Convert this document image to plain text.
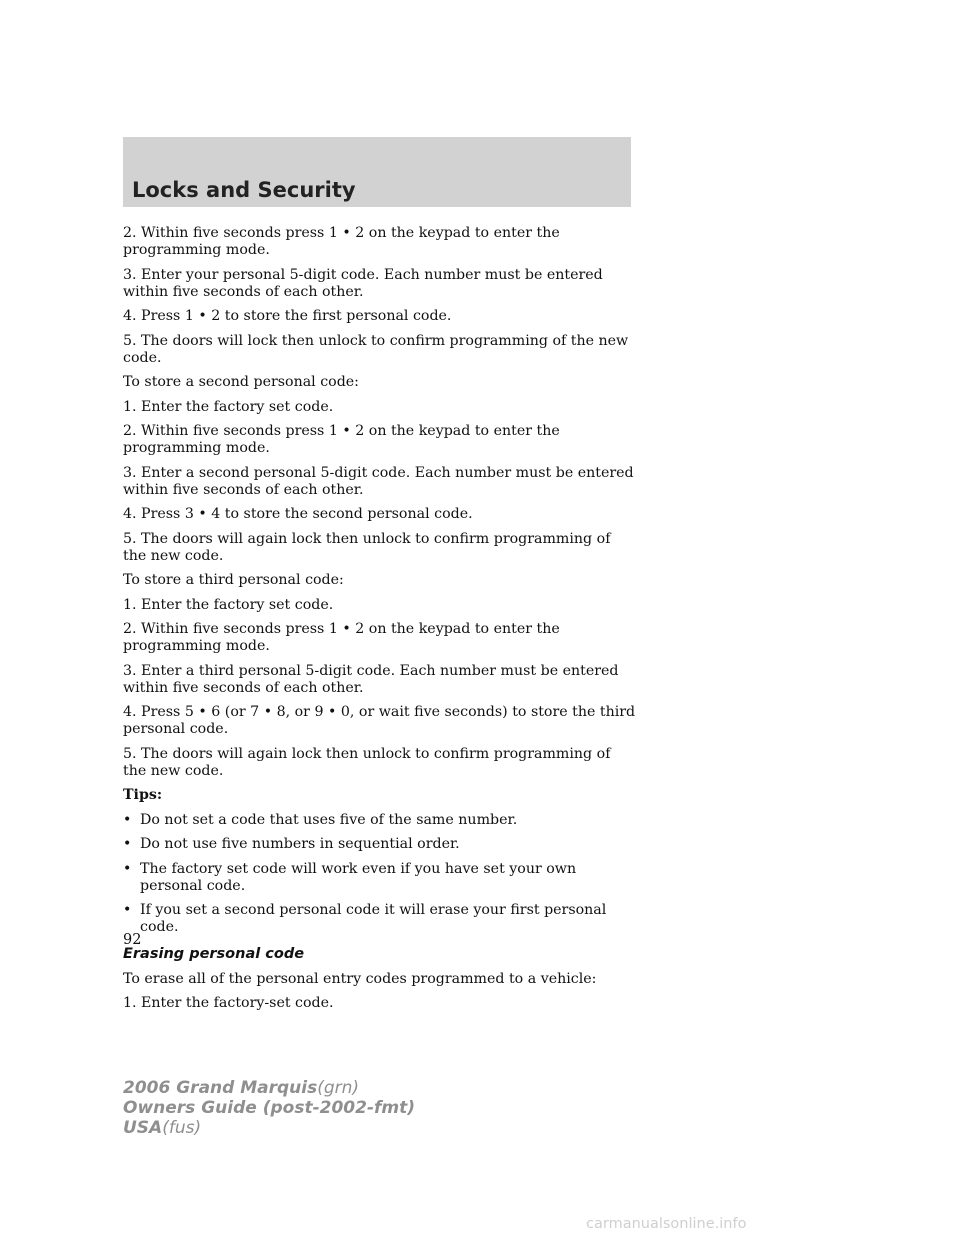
Locks and Security

2. Within five seconds press 1 • 2 on the keypad to enter the programming mode.

3. Enter your personal 5-digit code. Each number must be entered within five seconds of each other.

4. Press 1 • 2 to store the first personal code.

5. The doors will lock then unlock to confirm programming of the new code.

To store a second personal code:

1. Enter the factory set code.

2. Within five seconds press 1 • 2 on the keypad to enter the programming mode.

3. Enter a second personal 5-digit code. Each number must be entered within five seconds of each other.

4. Press 3 • 4 to store the second personal code.

5. The doors will again lock then unlock to confirm programming of the new code.

To store a third personal code:

1. Enter the factory set code.

2. Within five seconds press 1 • 2 on the keypad to enter the programming mode.

3. Enter a third personal 5-digit code. Each number must be entered within five seconds of each other.

4. Press 5 • 6 (or 7 • 8, or 9 • 0, or wait five seconds) to store the third personal code.

5. The doors will again lock then unlock to confirm programming of the new code.

Tips:

• Do not set a code that uses five of the same number.
• Do not use five numbers in sequential order.
• The factory set code will work even if you have set your own personal code.
• If you set a second personal code it will erase your first personal code.

Erasing personal code

To erase all of the personal entry codes programmed to a vehicle:

1. Enter the factory-set code.

92
2006 Grand Marquis(grn)
Owners Guide (post-2002-fmt)
USA(fus)
carmanualsonline.info
